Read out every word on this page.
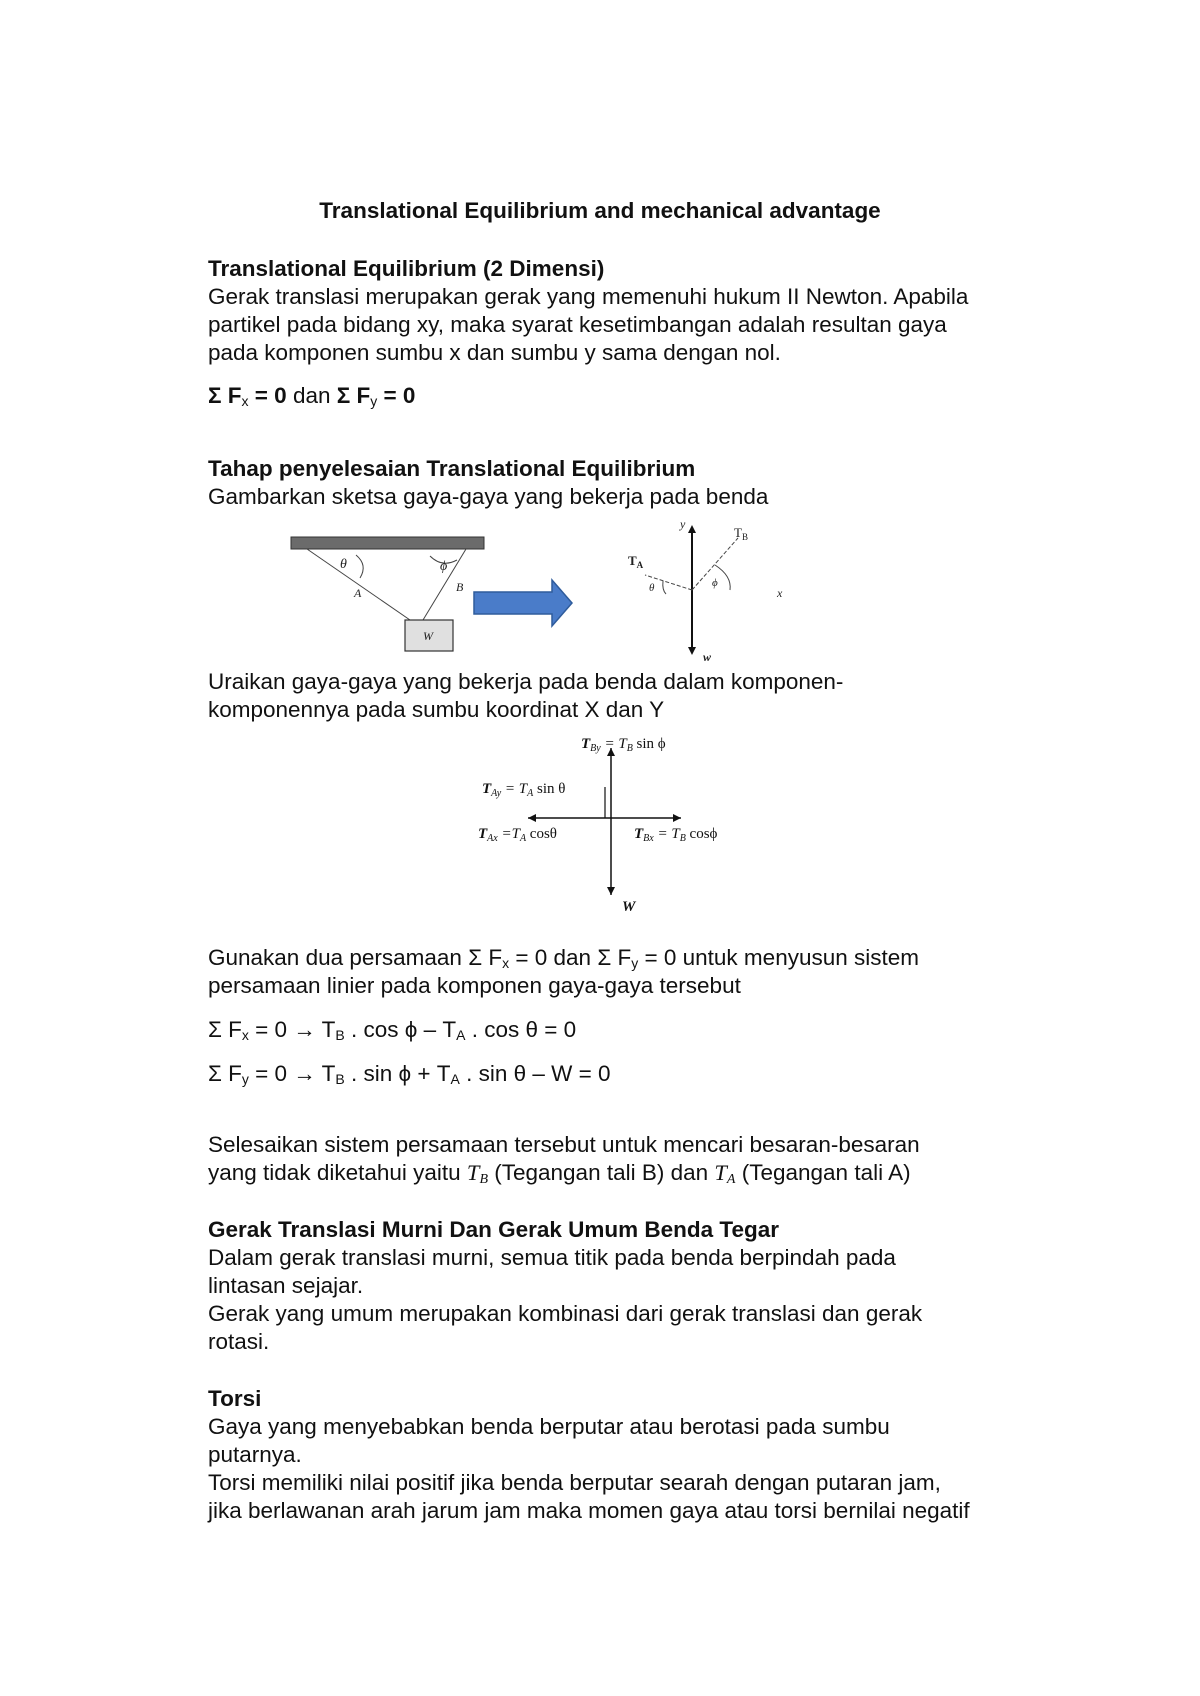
Translational Equilibrium and mechanical advantage
Translational Equilibrium (2 Dimensi)
Gerak translasi merupakan gerak yang memenuhi hukum II Newton. Apabila
partikel pada bidang xy, maka syarat kesetimbangan adalah resultan gaya
pada komponen sumbu x dan sumbu y sama dengan nol.
Σ $F_x = 0$ dan Σ $F_y = 0$
Tahap penyelesaian Translational Equilibrium
Gambarkan sketsa gaya-gaya yang bekerja pada benda
θ	ϕ
A	B
W
y
w
$T_B$
$T_A$
θ	ϕ
x
Uraikan gaya-gaya yang bekerja pada benda dalam komponen-
komponennya pada sumbu koordinat X dan Y
$T_{By} = T_B$ sin ϕ
$T_{Ay} = T_A$ sin θ
$T_{Ax} =T_A$ cosθ	$T_{Bx} = T_B$ cosϕ
W
Gunakan dua persamaan Σ $F_x = 0$ dan Σ $F_y = 0$ untuk menyusun sistem
persamaan linier pada komponen gaya-gaya tersebut
Σ $F_x = 0 \to T_B$ . cos ϕ – $T_A$ . cos θ = 0
Σ $F_y = 0 \to T_B$ . $\sin \phi + T_A$ . sin θ – W = 0
Selesaikan sistem persamaan tersebut untuk mencari besaran-besaran
yang tidak diketahui yaitu $T_B$ (Tegangan tali B) dan $T_A$ (Tegangan tali A)
Gerak Translasi Murni Dan Gerak Umum Benda Tegar
Dalam gerak translasi murni, semua titik pada benda berpindah pada
lintasan sejajar.
Gerak yang umum merupakan kombinasi dari gerak translasi dan gerak
rotasi.
Torsi
Gaya yang menyebabkan benda berputar atau berotasi pada sumbu
putarnya.
Torsi memiliki nilai positif jika benda berputar searah dengan putaran jam,
jika berlawanan arah jarum jam maka momen gaya atau torsi bernilai negatif
